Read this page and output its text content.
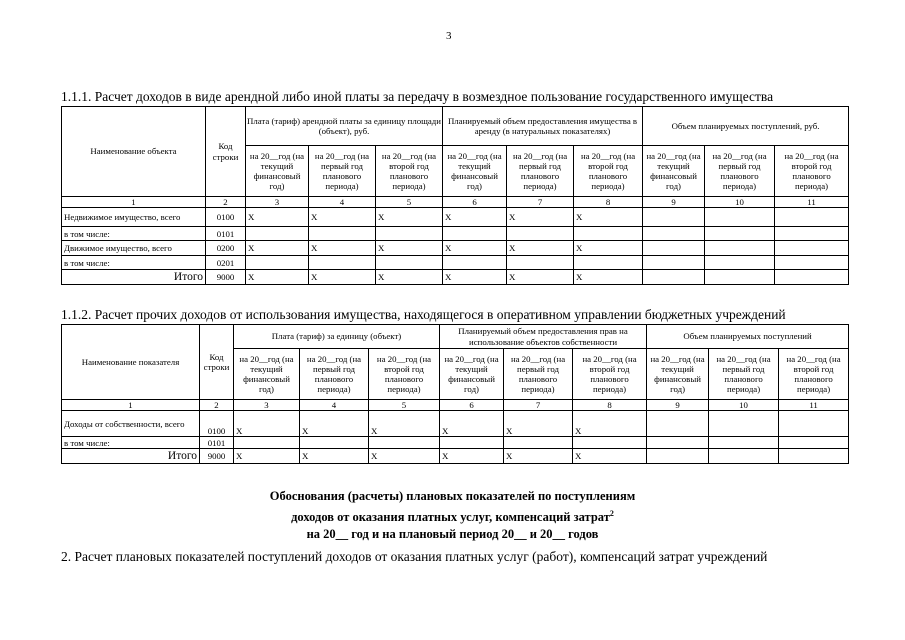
3
1.1.1. Расчет доходов в виде арендной либо иной платы за передачу в возмездное пользование государственного имущества
Наименование объекта	Код строки	Плата (тариф) арендной платы за единицу площади (объект), руб.			Планируемый объем предоставления имущества в аренду (в натуральных показателях)			Объем планируемых поступлений, руб.		
		на 20__год (на текущий финансовый год)	на 20__год (на первый год планового периода)	на 20__год (на второй год планового периода)	на 20__год (на текущий финансовый год)	на 20__год (на первый год планового периода)	на 20__год (на второй год планового периода)	на 20__год (на текущий финансовый год)	на 20__год (на первый год планового периода)	на 20__год (на второй год планового периода)
1	2	3	4	5	6	7	8	9	10	11
Недвижимое имущество, всего	0100	X	X	X	X	X	X			
в том числе:	0101									
Движимое имущество, всего	0200	X	X	X	X	X	X			
в том числе:	0201									
Итого	9000	X	X	X	X	X	X			
1.1.2. Расчет прочих доходов от использования имущества, находящегося в оперативном управлении бюджетных учреждений
Наименование показателя	Код строки	Плата (тариф) за единицу (объект)			Планируемый объем предоставления прав на использование объектов собственности			Объем планируемых поступлений		
		на 20__год (на текущий финансовый год)	на 20__год (на первый год планового периода)	на 20__год (на второй год планового периода)	на 20__год (на текущий финансовый год)	на 20__год (на первый год планового периода)	на 20__год (на второй год планового периода)	на 20__год (на текущий финансовый год)	на 20__год (на первый год планового периода)	на 20__год (на второй год планового периода)
1	2	3	4	5	6	7	8	9	10	11
Доходы от собственности, всего	0100	X	X	X	X	X	X			
в том числе:	0101									
Итого	9000	X	X	X	X	X	X			
Обоснования (расчеты) плановых показателей по поступлениям
доходов от оказания платных услуг, компенсаций затрат$^2$
на 20__ год и на плановый период 20__ и 20__ годов
2. Расчет плановых показателей поступлений доходов от оказания платных услуг (работ), компенсаций затрат учреждений
